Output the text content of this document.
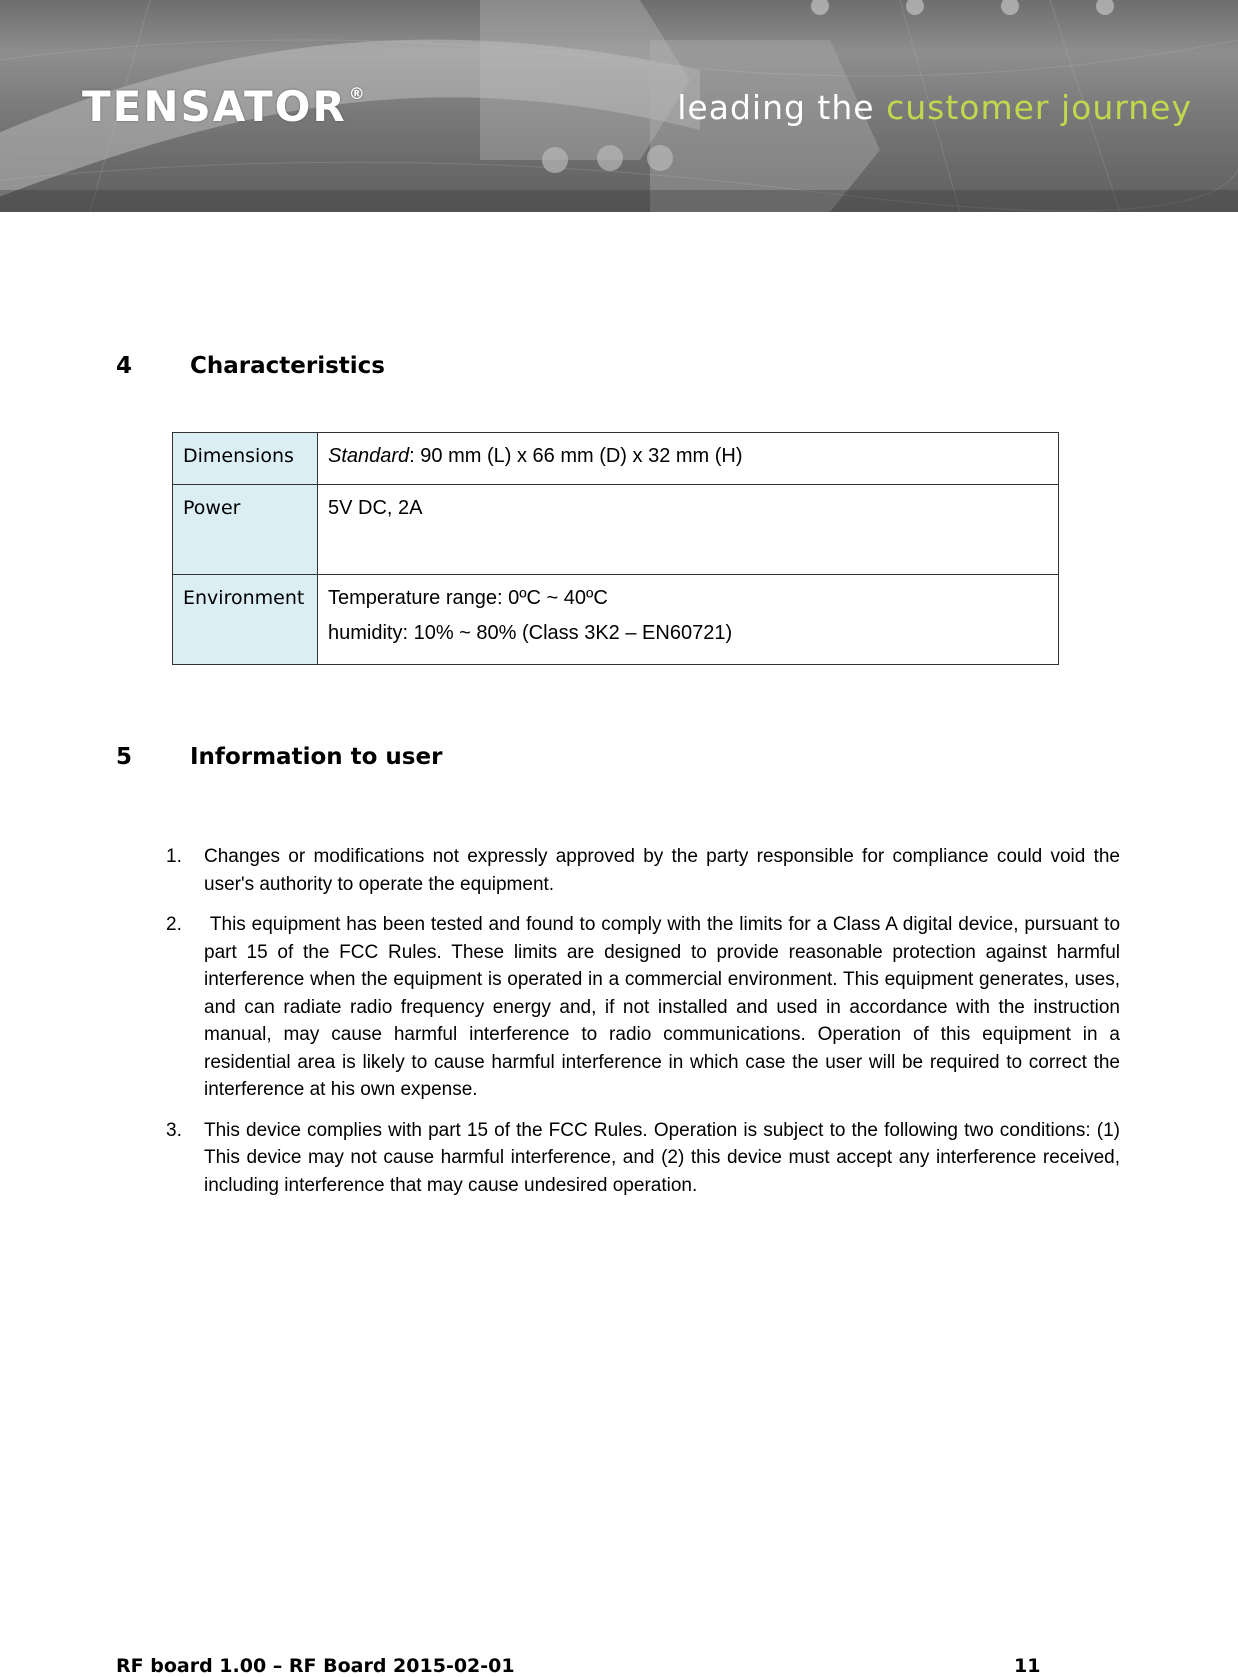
TENSATOR ®	leading the customer journey
4	Characteristics
Dimensions	Standard: 90 mm (L) x 66 mm (D) x 32 mm (H)
Power	5V DC, 2A
Environment	Temperature range: 0ºC ~ 40ºC
humidity: 10% ~ 80% (Class 3K2 – EN60721)
5	Information to user
1. Changes or modifications not expressly approved by the party responsible for compliance could void the user's authority to operate the equipment.
2. This equipment has been tested and found to comply with the limits for a Class A digital device, pursuant to part 15 of the FCC Rules. These limits are designed to provide reasonable protection against harmful interference when the equipment is operated in a commercial environment. This equipment generates, uses, and can radiate radio frequency energy and, if not installed and used in accordance with the instruction manual, may cause harmful interference to radio communications. Operation of this equipment in a residential area is likely to cause harmful interference in which case the user will be required to correct the interference at his own expense.
3. This device complies with part 15 of the FCC Rules. Operation is subject to the following two conditions: (1) This device may not cause harmful interference, and (2) this device must accept any interference received, including interference that may cause undesired operation.
RF board 1.00 – RF Board 2015-02-01	11
